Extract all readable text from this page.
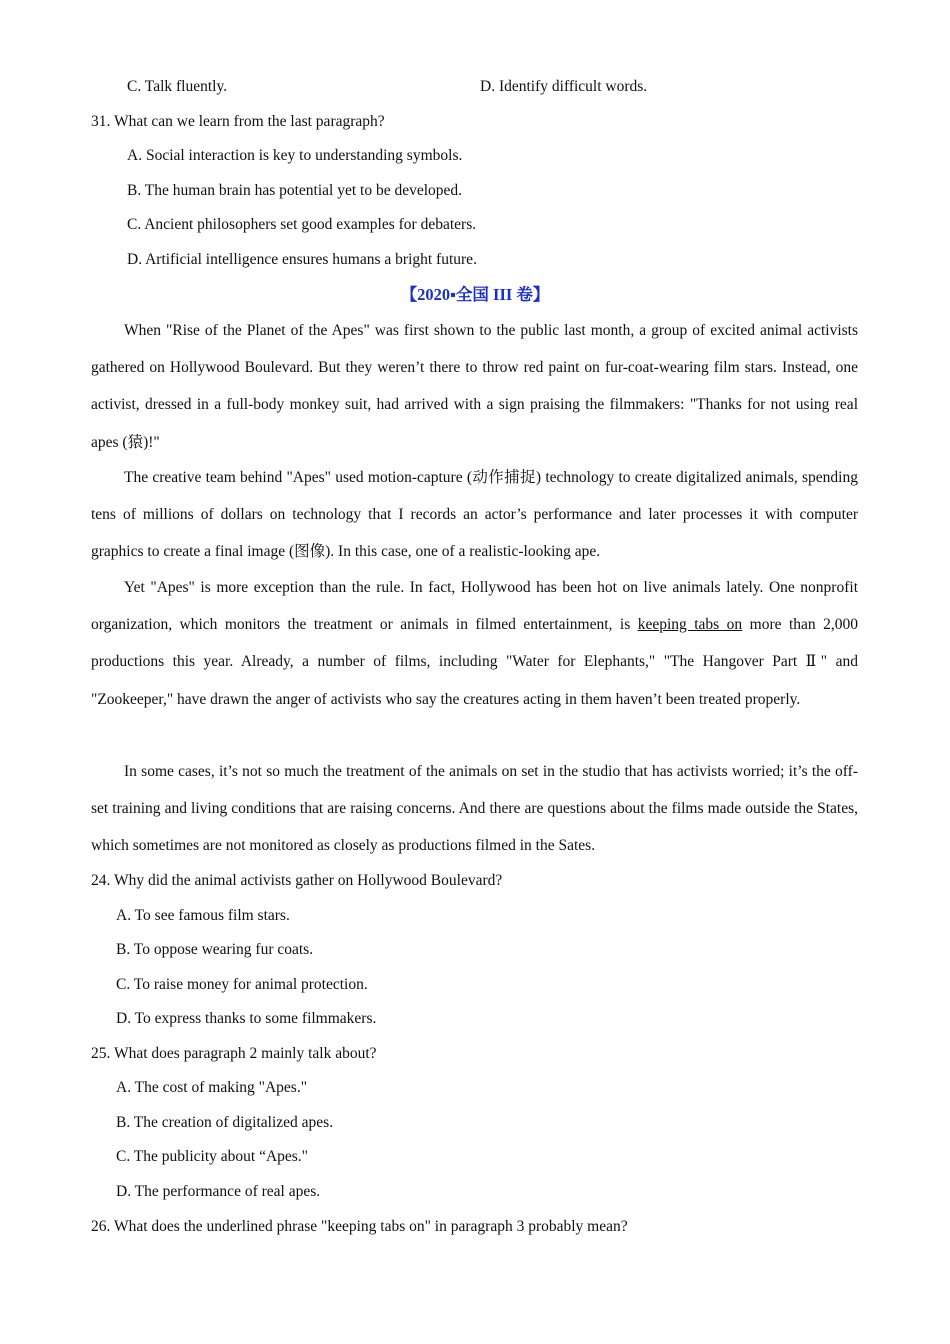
C. Talk fluently.	D. Identify difficult words.
31. What can we learn from the last paragraph?
A. Social interaction is key to understanding symbols.
B. The human brain has potential yet to be developed.
C. Ancient philosophers set good examples for debaters.
D. Artificial intelligence ensures humans a bright future.
【2020▪全国 III 卷】

When "Rise of the Planet of the Apes" was first shown to the public last month, a group of excited animal activists gathered on Hollywood Boulevard. But they weren’t there to throw red paint on fur-coat-wearing film stars. Instead, one activist, dressed in a full-body monkey suit, had arrived with a sign praising the filmmakers: "Thanks for not using real apes (猿)!"

The creative team behind "Apes" used motion-capture (动作捕捉) technology to create digitalized animals, spending tens of millions of dollars on technology that I records an actor’s performance and later processes it with computer graphics to create a final image (图像). In this case, one of a realistic-looking ape.

Yet "Apes" is more exception than the rule. In fact, Hollywood has been hot on live animals lately. One nonprofit organization, which monitors the treatment or animals in filmed entertainment, is keeping tabs on more than 2,000 productions this year. Already, a number of films, including "Water for Elephants," "The Hangover Part Ⅱ" and "Zookeeper," have drawn the anger of activists who say the creatures acting in them haven’t been treated properly.

In some cases, it’s not so much the treatment of the animals on set in the studio that has activists worried; it’s the off-set training and living conditions that are raising concerns. And there are questions about the films made outside the States, which sometimes are not monitored as closely as productions filmed in the Sates.

24. Why did the animal activists gather on Hollywood Boulevard?
A. To see famous film stars.
B. To oppose wearing fur coats.
C. To raise money for animal protection.
D. To express thanks to some filmmakers.
25. What does paragraph 2 mainly talk about?
A. The cost of making "Apes."
B. The creation of digitalized apes.
C. The publicity about “Apes."
D. The performance of real apes.
26. What does the underlined phrase "keeping tabs on" in paragraph 3 probably mean?
